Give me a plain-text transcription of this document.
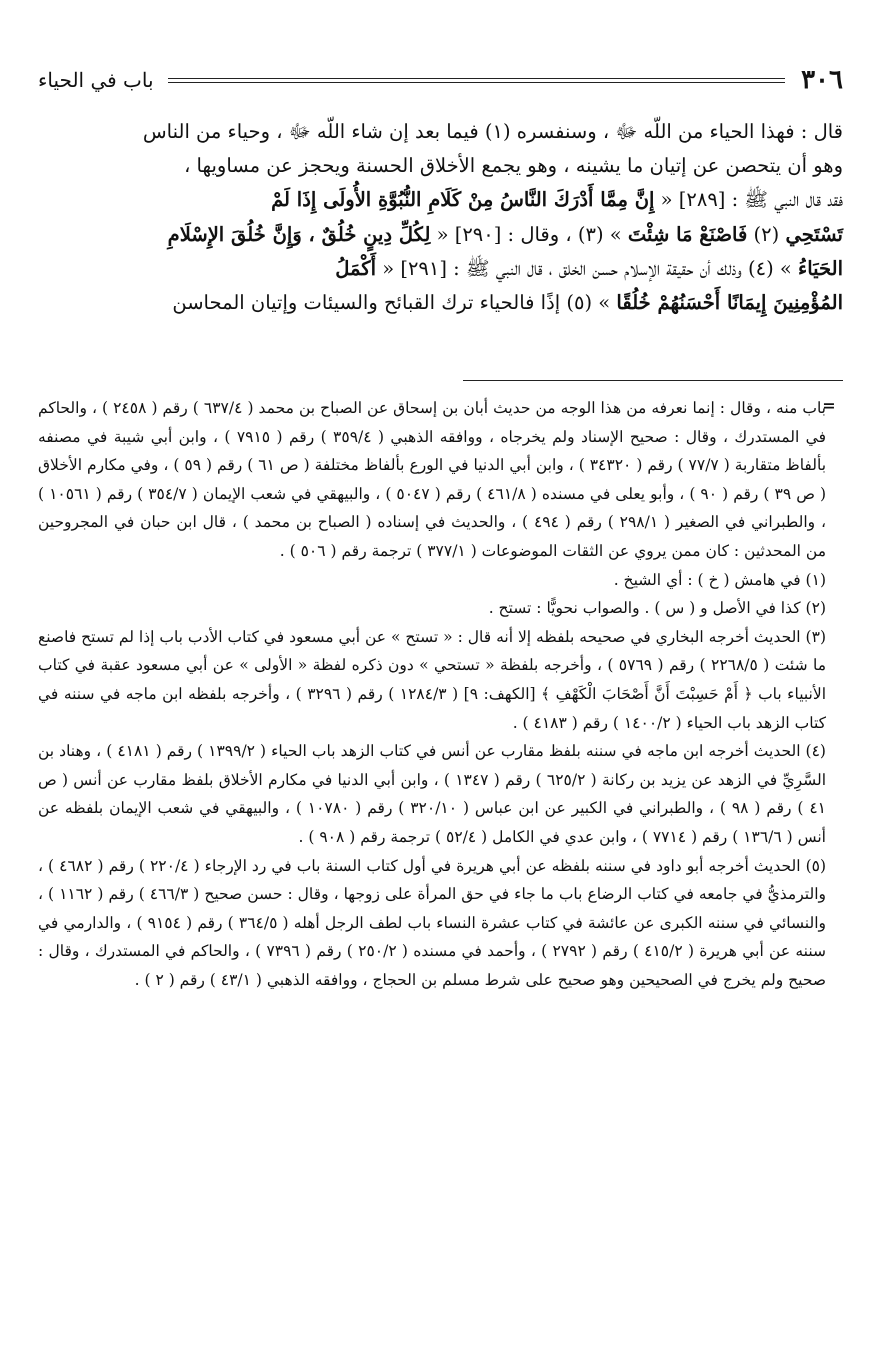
٣٠٦
باب في الحياء

قال : فهذا الحياء من اللّه ﷻ ، وسنفسره (١) فيما بعد إن شاء اللّه ﷻ ، وحياء من الناس

وهو أن يتحصن عن إتيان ما يشينه ، وهو يجمع الأخلاق الحسنة ويحجز عن مساويها ،

فقد قال النبي ﷺ : [٢٨٩] « إِنَّ مِمَّا أَدْرَكَ النَّاسُ مِنْ كَلَامِ النُّبُوَّةِ الأُولَى إِذَا لَمْ

تَسْتَحِي (٢) فَاصْنَعْ مَا شِئْتَ » (٣) ، وقال : [٢٩٠] « لِكُلِّ دِينٍ خُلُقٌ ، وَإِنَّ خُلُقَ الإِسْلَامِ

الحَيَاءُ » (٤) وذلك أن حقيقة الإسلام حسن الخلق ، قال النبي ﷺ : [٢٩١] « أَكْمَلُ

المُؤْمِنِينَ إِيمَانًا أَحْسَنُهُمْ خُلُقًا » (٥) إذًا فالحياء ترك القبائح والسيئات وإتيان المحاسن

=

باب منه ، وقال : إنما نعرفه من هذا الوجه من حديث أبان بن إسحاق عن الصباح بن محمد ( ٦٣٧/٤ ) رقم ( ٢٤٥٨ ) ، والحاكم في المستدرك ، وقال : صحيح الإسناد ولم يخرجاه ، ووافقه الذهبي ( ٣٥٩/٤ ) رقم ( ٧٩١٥ ) ، وابن أبي شيبة في مصنفه بألفاظ متقاربة ( ٧٧/٧ ) رقم ( ٣٤٣٢٠ ) ، وابن أبي الدنيا في الورع بألفاظ مختلفة ( ص ٦١ ) رقم ( ٥٩ ) ، وفي مكارم الأخلاق ( ص ٣٩ ) رقم ( ٩٠ ) ، وأبو يعلى في مسنده ( ٤٦١/٨ ) رقم ( ٥٠٤٧ ) ، والبيهقي في شعب الإيمان ( ٣٥٤/٧ ) رقم ( ١٠٥٦١ ) ، والطبراني في الصغير ( ٢٩٨/١ ) رقم ( ٤٩٤ ) ، والحديث في إسناده ( الصباح بن محمد ) ، قال ابن حبان في المجروحين من المحدثين : كان ممن يروي عن الثقات الموضوعات ( ٣٧٧/١ ) ترجمة رقم ( ٥٠٦ ) .

(١) في هامش ( خ ) : أي الشيخ .

(٢) كذا في الأصل و ( س ) . والصواب نحويًّا : تستح .

(٣) الحديث أخرجه البخاري في صحيحه بلفظه إلا أنه قال : « تستح » عن أبي مسعود في كتاب الأدب باب إذا لم تستح فاصنع ما شئت ( ٢٢٦٨/٥ ) رقم ( ٥٧٦٩ ) ، وأخرجه بلفظة « تستحي » دون ذكره لفظة « الأولى » عن أبي مسعود عقبة في كتاب الأنبياء باب ﴿ أَمْ حَسِبْتَ أَنَّ أَصْحَابَ الْكَهْفِ ﴾ [الكهف: ٩] ( ١٢٨٤/٣ ) رقم ( ٣٢٩٦ ) ، وأخرجه بلفظه ابن ماجه في سننه في كتاب الزهد باب الحياء ( ١٤٠٠/٢ ) رقم ( ٤١٨٣ ) .

(٤) الحديث أخرجه ابن ماجه في سننه بلفظ مقارب عن أنس في كتاب الزهد باب الحياء ( ١٣٩٩/٢ ) رقم ( ٤١٨١ ) ، وهناد بن السَّرِيِّ في الزهد عن يزيد بن ركانة ( ٦٢٥/٢ ) رقم ( ١٣٤٧ ) ، وابن أبي الدنيا في مكارم الأخلاق بلفظ مقارب عن أنس ( ص ٤١ ) رقم ( ٩٨ ) ، والطبراني في الكبير عن ابن عباس ( ٣٢٠/١٠ ) رقم ( ١٠٧٨٠ ) ، والبيهقي في شعب الإيمان بلفظه عن أنس ( ١٣٦/٦ ) رقم ( ٧٧١٤ ) ، وابن عدي في الكامل ( ٥٢/٤ ) ترجمة رقم ( ٩٠٨ ) .

(٥) الحديث أخرجه أبو داود في سننه بلفظه عن أبي هريرة في أول كتاب السنة باب في رد الإرجاء ( ٢٢٠/٤ ) رقم ( ٤٦٨٢ ) ، والترمذيُّ في جامعه في كتاب الرضاع باب ما جاء في حق المرأة على زوجها ، وقال : حسن صحيح ( ٤٦٦/٣ ) رقم ( ١١٦٢ ) ، والنسائي في سننه الكبرى عن عائشة في كتاب عشرة النساء باب لطف الرجل أهله ( ٣٦٤/٥ ) رقم ( ٩١٥٤ ) ، والدارمي في سننه عن أبي هريرة ( ٤١٥/٢ ) رقم ( ٢٧٩٢ ) ، وأحمد في مسنده ( ٢٥٠/٢ ) رقم ( ٧٣٩٦ ) ، والحاكم في المستدرك ، وقال : صحيح ولم يخرج في الصحيحين وهو صحيح على شرط مسلم بن الحجاج ، ووافقه الذهبي ( ٤٣/١ ) رقم ( ٢ ) .
